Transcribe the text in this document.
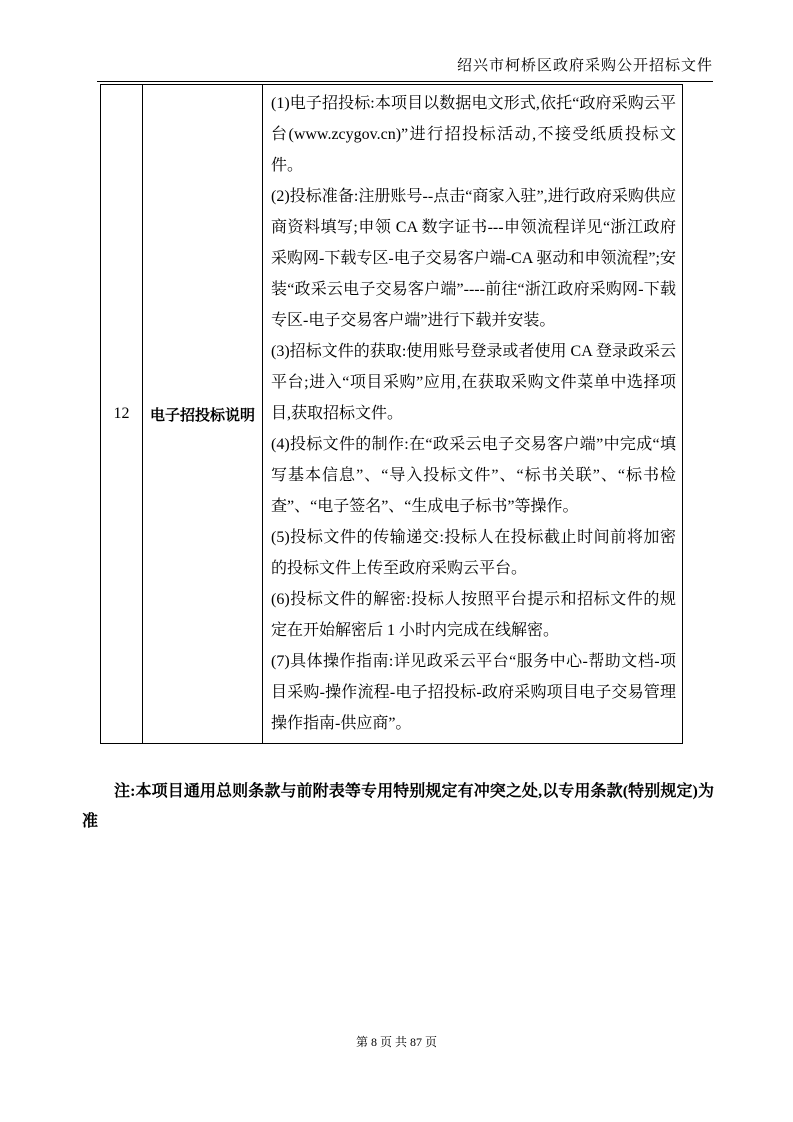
绍兴市柯桥区政府采购公开招标文件
12	电子招投标说明	

(1)电子招投标:本项目以数据电文形式,依托“政府采购云平台(www.zcygov.cn)”进行招投标活动,不接受纸质投标文件。

(2)投标准备:注册账号--点击“商家入驻”,进行政府采购供应商资料填写;申领 CA 数字证书---申领流程详见“浙江政府采购网-下载专区-电子交易客户端-CA 驱动和申领流程”;安装“政采云电子交易客户端”----前往“浙江政府采购网-下载专区-电子交易客户端”进行下载并安装。

(3)招标文件的获取:使用账号登录或者使用 CA 登录政采云平台;进入“项目采购”应用,在获取采购文件菜单中选择项目,获取招标文件。

(4)投标文件的制作:在“政采云电子交易客户端”中完成“填写基本信息”、“导入投标文件”、“标书关联”、“标书检查”、“电子签名”、“生成电子标书”等操作。

(5)投标文件的传输递交:投标人在投标截止时间前将加密的投标文件上传至政府采购云平台。

(6)投标文件的解密:投标人按照平台提示和招标文件的规定在开始解密后 1 小时内完成在线解密。

(7)具体操作指南:详见政采云平台“服务中心-帮助文档-项目采购-操作流程-电子招投标-政府采购项目电子交易管理操作指南-供应商”。

注:本项目通用总则条款与前附表等专用特别规定有冲突之处,以专用条款(特别规定)为准
第 8 页 共 87 页
